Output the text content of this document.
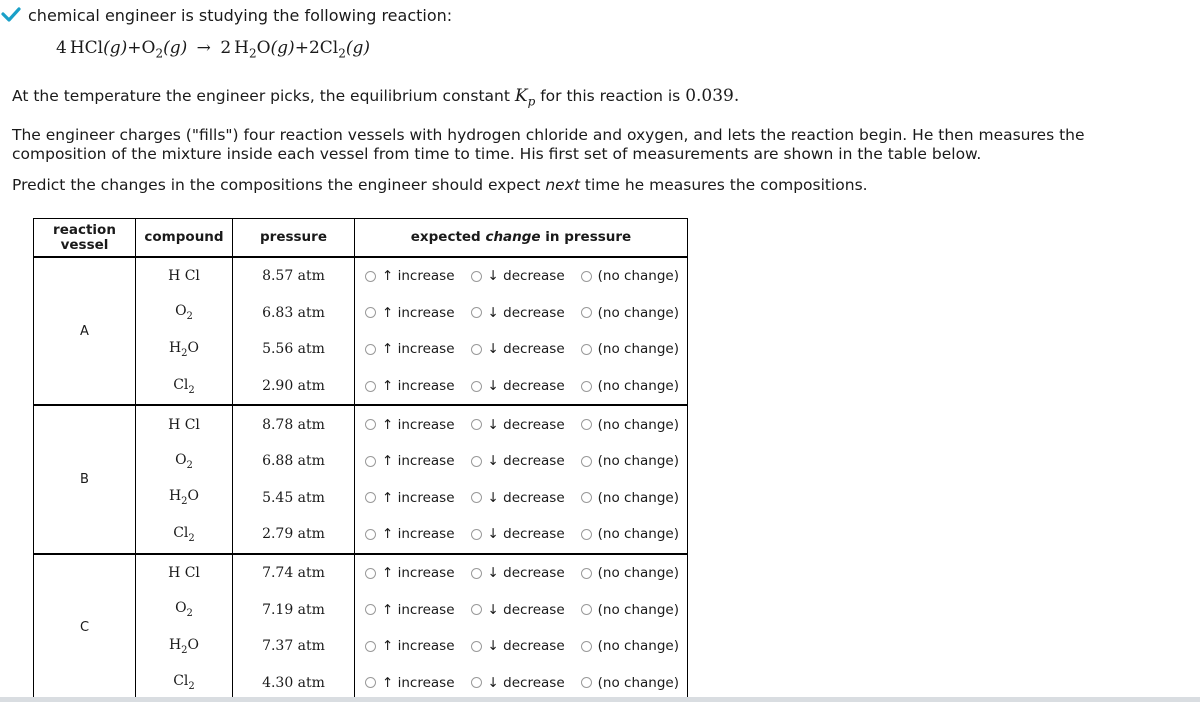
chemical engineer is studying the following reaction:
4 $HCl(g)+O_2(g) \to 2$ $H_2O(g)+2Cl_2(g)$
At the temperature the engineer picks, the equilibrium constant $K_p$ for this reaction is 0.039.
The engineer charges ("fills") four reaction vessels with hydrogen chloride and oxygen, and lets the reaction begin. He then measures the composition of the mixture inside each vessel from time to time. His first set of measurements are shown in the table below.
Predict the changes in the compositions the engineer should expect next time he measures the compositions.
reaction vessel	compound	pressure	expected change in pressure
A	H Cl	8.57 atm	↑ increase ↓ decrease (no change)

	$O_2$	6.83 atm	↑ increase ↓ decrease (no change)

	$H_2O$	5.56 atm	↑ increase ↓ decrease (no change)

	$Cl_2$	2.90 atm	↑ increase ↓ decrease (no change)

B	H Cl	8.78 atm	↑ increase ↓ decrease (no change)

	$O_2$	6.88 atm	↑ increase ↓ decrease (no change)

	$H_2O$	5.45 atm	↑ increase ↓ decrease (no change)

	$Cl_2$	2.79 atm	↑ increase ↓ decrease (no change)

C	H Cl	7.74 atm	↑ increase ↓ decrease (no change)

	$O_2$	7.19 atm	↑ increase ↓ decrease (no change)

	$H_2O$	7.37 atm	↑ increase ↓ decrease (no change)

	$Cl_2$	4.30 atm	↑ increase ↓ decrease (no change)
